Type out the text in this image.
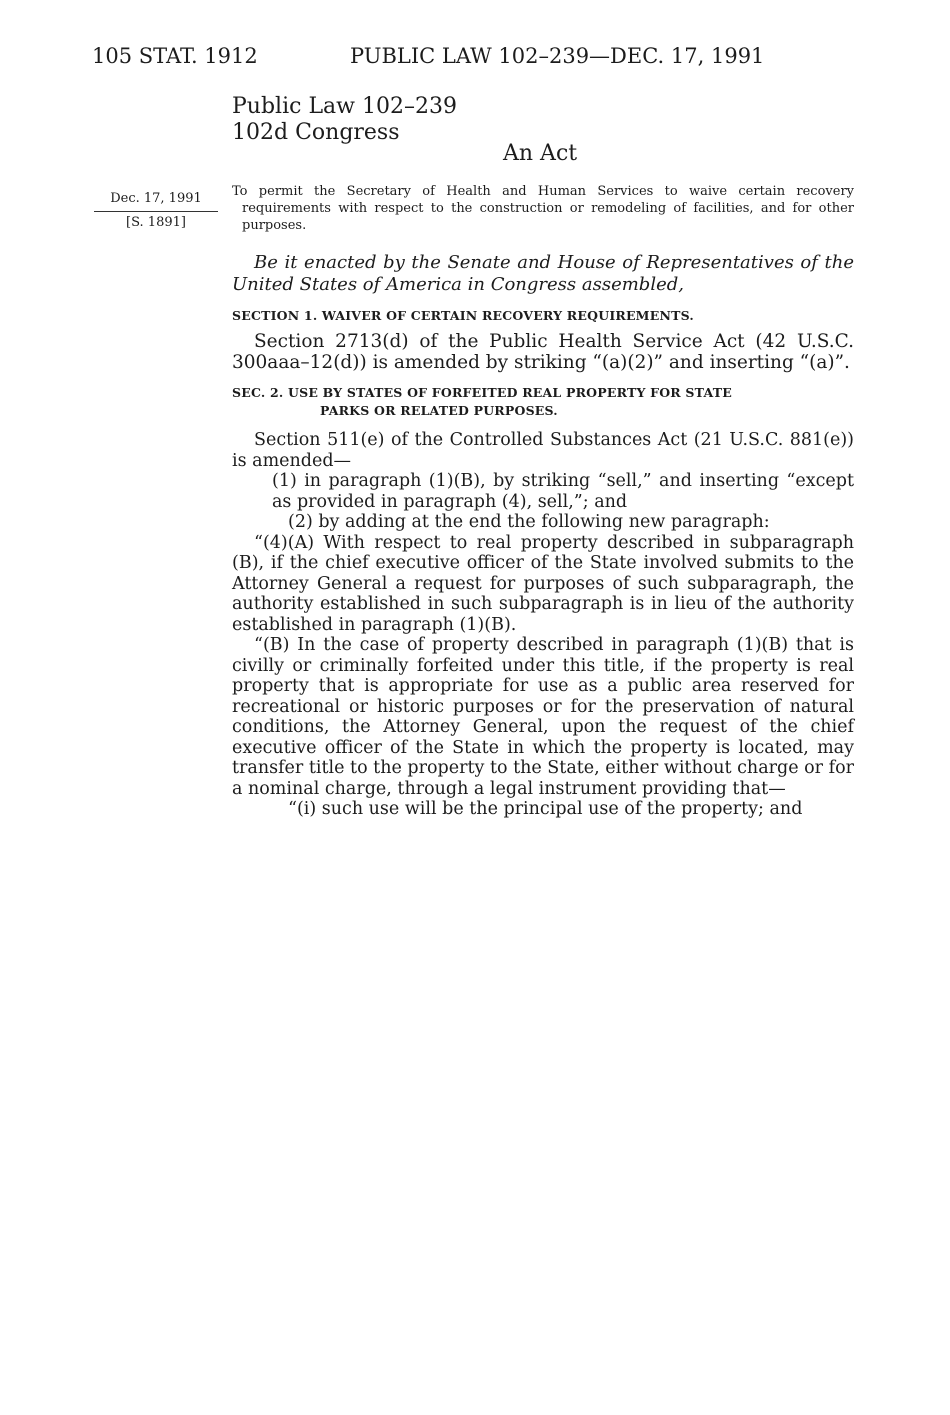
105 STAT. 1912	PUBLIC LAW 102–239—DEC. 17, 1991
Public Law 102–239
102d Congress
An Act
Dec. 17, 1991
[S. 1891]
To permit the Secretary of Health and Human Services to waive certain recovery requirements with respect to the construction or remodeling of facilities, and for other purposes.
Be it enacted by the Senate and House of Representatives of the United States of America in Congress assembled,
SECTION 1. WAIVER OF CERTAIN RECOVERY REQUIREMENTS.
Section 2713(d) of the Public Health Service Act (42 U.S.C. 300aaa–12(d)) is amended by striking “(a)(2)” and inserting “(a)”.
SEC. 2. USE BY STATES OF FORFEITED REAL PROPERTY FOR STATE
PARKS OR RELATED PURPOSES.

Section 511(e) of the Controlled Substances Act (21 U.S.C. 881(e)) is amended—

(1) in paragraph (1)(B), by striking “sell,” and inserting “except as provided in paragraph (4), sell,”; and

(2) by adding at the end the following new paragraph:

“(4)(A) With respect to real property described in subparagraph (B), if the chief executive officer of the State involved submits to the Attorney General a request for purposes of such subparagraph, the authority established in such subparagraph is in lieu of the authority established in paragraph (1)(B).

“(B) In the case of property described in paragraph (1)(B) that is civilly or criminally forfeited under this title, if the property is real property that is appropriate for use as a public area reserved for recreational or historic purposes or for the preservation of natural conditions, the Attorney General, upon the request of the chief executive officer of the State in which the property is located, may transfer title to the property to the State, either without charge or for a nominal charge, through a legal instrument providing that—

“(i) such use will be the principal use of the property; and
